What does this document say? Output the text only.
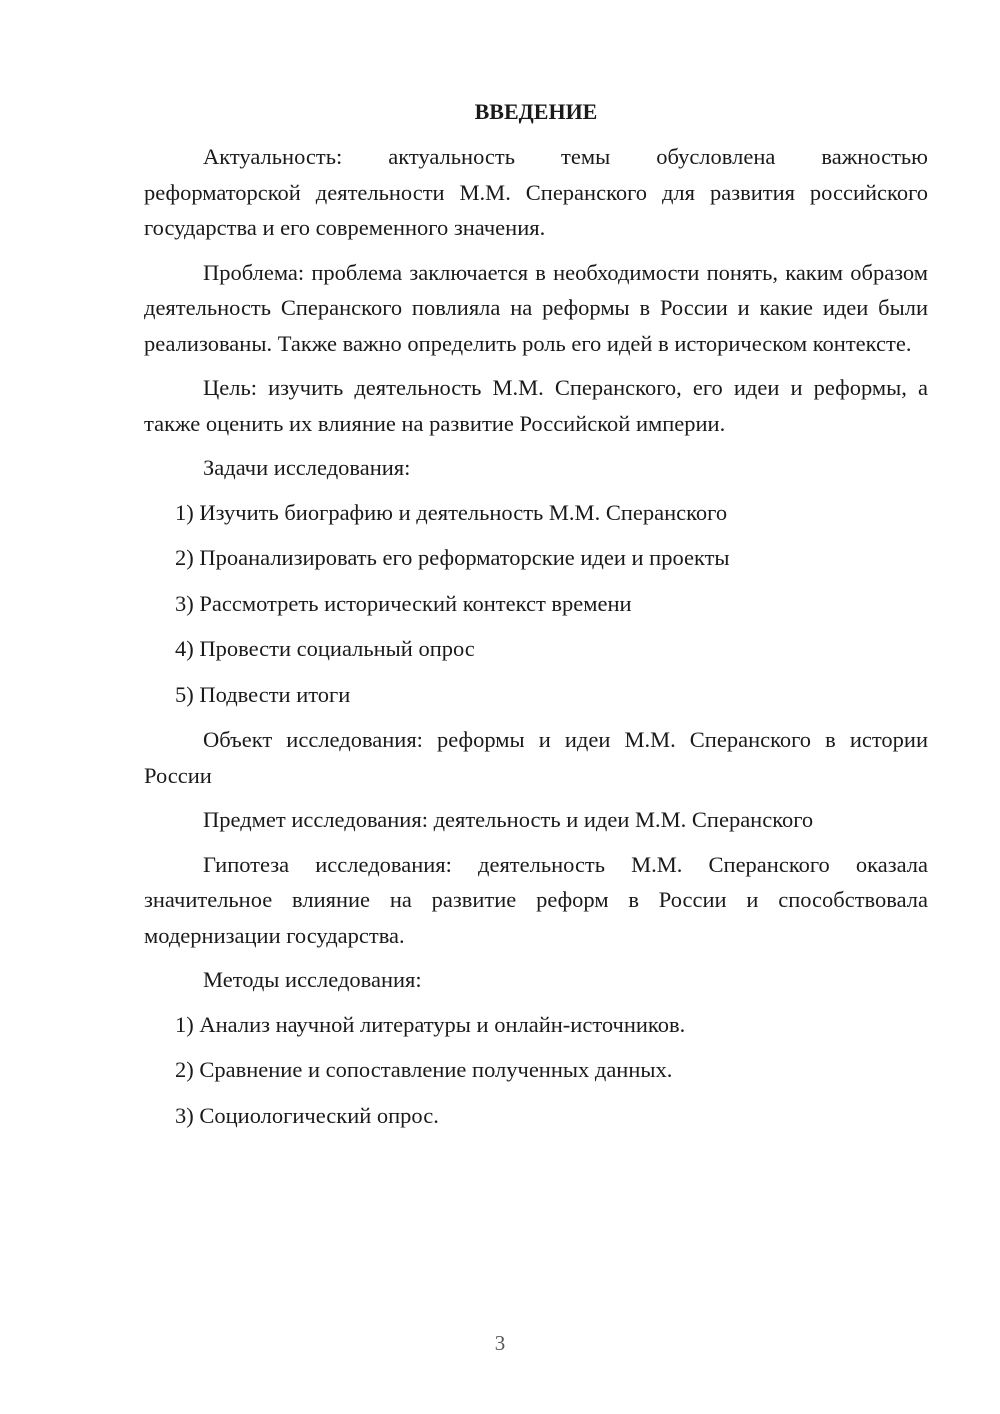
ВВЕДЕНИЕ

Актуальность: актуальность темы обусловлена важностью реформаторской деятельности М.М. Сперанского для развития российского государства и его современного значения.

Проблема: проблема заключается в необходимости понять, каким образом деятельность Сперанского повлияла на реформы в России и какие идеи были реализованы. Также важно определить роль его идей в историческом контексте.

Цель: изучить деятельность М.М. Сперанского, его идеи и реформы, а также оценить их влияние на развитие Российской империи.

Задачи исследования:

1) Изучить биографию и деятельность М.М. Сперанского

2) Проанализировать его реформаторские идеи и проекты

3) Рассмотреть исторический контекст времени

4) Провести социальный опрос

5) Подвести итоги

Объект исследования: реформы и идеи М.М. Сперанского в истории России

Предмет исследования: деятельность и идеи М.М. Сперанского

Гипотеза исследования: деятельность М.М. Сперанского оказала значительное влияние на развитие реформ в России и способствовала модернизации государства.

Методы исследования:

1) Анализ научной литературы и онлайн-источников.

2) Сравнение и сопоставление полученных данных.

3) Социологический опрос.

3
